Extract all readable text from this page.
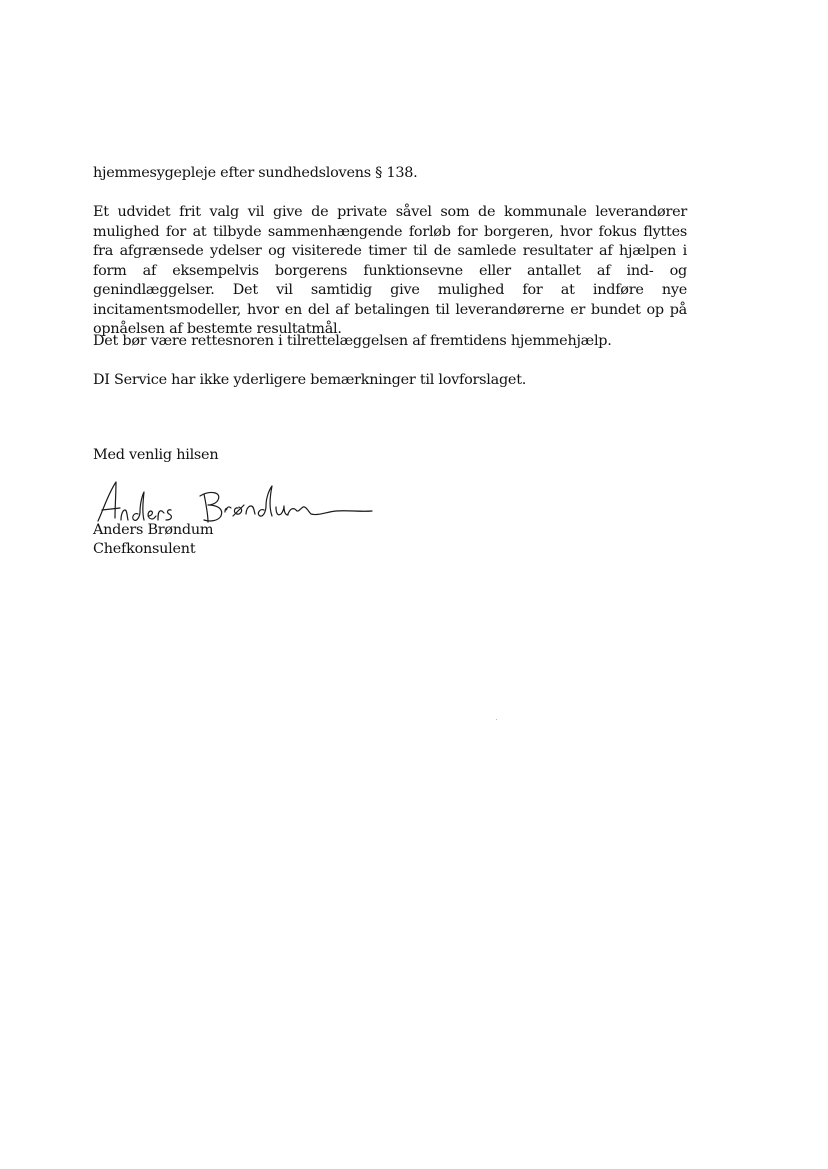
hjemmesygepleje efter sundhedslovens § 138.
Et udvidet frit valg vil give de private såvel som de kommunale leverandører mulighed for at tilbyde sammenhængende forløb for borgeren, hvor fokus flyttes fra afgrænsede ydelser og visiterede timer til de samlede resultater af hjælpen i form af eksempelvis borgerens funktionsevne eller antallet af ind- og genindlæggelser. Det vil samtidig give mulighed for at indføre nye incitamentsmodeller, hvor en del af betalingen til leverandørerne er bundet op på opnåelsen af bestemte resultatmål.
Det bør være rettesnoren i tilrettelæggelsen af fremtidens hjemmehjælp.
DI Service har ikke yderligere bemærkninger til lovforslaget.
Med venlig hilsen
Anders Brøndum
Chefkonsulent
